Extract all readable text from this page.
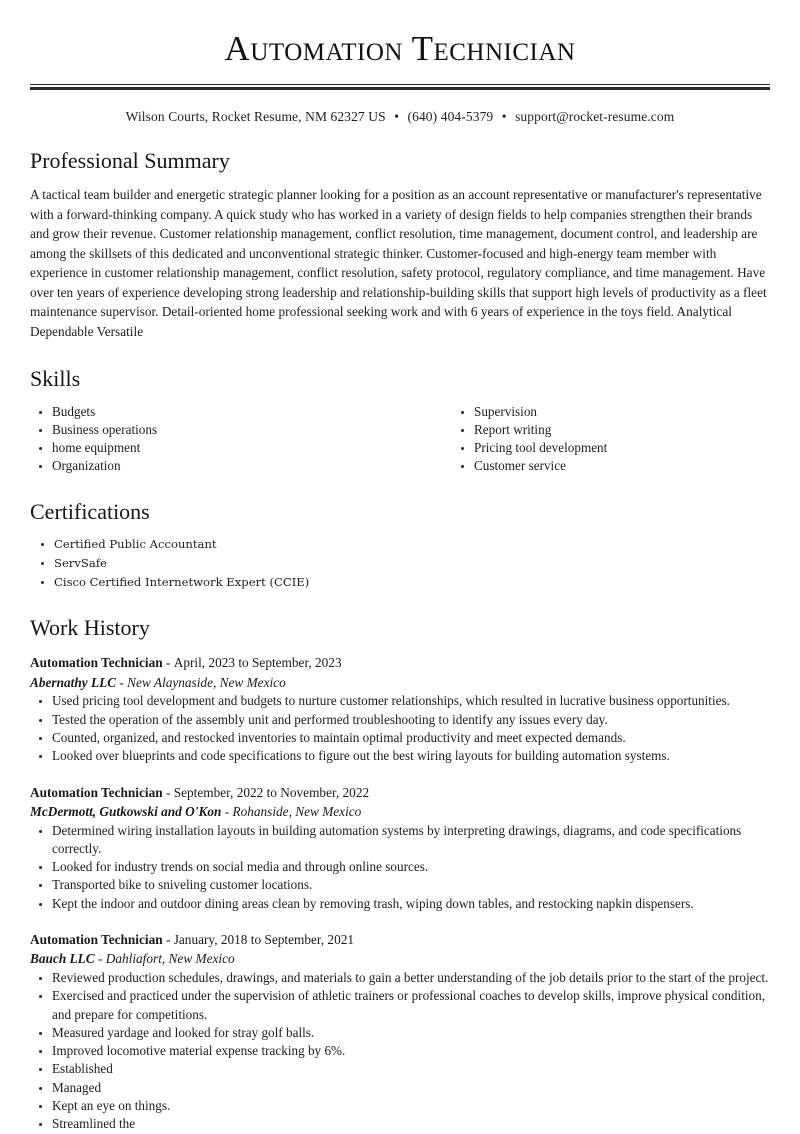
Automation Technician
Wilson Courts, Rocket Resume, NM 62327 US • (640) 404-5379 • support@rocket-resume.com
Professional Summary

A tactical team builder and energetic strategic planner looking for a position as an account representative or manufacturer's representative with a forward-thinking company. A quick study who has worked in a variety of design fields to help companies strengthen their brands and grow their revenue. Customer relationship management, conflict resolution, time management, document control, and leadership are among the skillsets of this dedicated and unconventional strategic thinker. Customer-focused and high-energy team member with experience in customer relationship management, conflict resolution, safety protocol, regulatory compliance, and time management. Have over ten years of experience developing strong leadership and relationship-building skills that support high levels of productivity as a fleet maintenance supervisor. Detail-oriented home professional seeking work and with 6 years of experience in the toys field. Analytical Dependable Versatile

Skills
Budgets
Business operations
home equipment
Organization
Supervision
Report writing
Pricing tool development
Customer service
Certifications
Certified Public Accountant
ServSafe
Cisco Certified Internetwork Expert (CCIE)
Work History
Automation Technician - April, 2023 to September, 2023
Abernathy LLC - New Alaynaside, New Mexico
Used pricing tool development and budgets to nurture customer relationships, which resulted in lucrative business opportunities.
Tested the operation of the assembly unit and performed troubleshooting to identify any issues every day.
Counted, organized, and restocked inventories to maintain optimal productivity and meet expected demands.
Looked over blueprints and code specifications to figure out the best wiring layouts for building automation systems.
Automation Technician - September, 2022 to November, 2022
McDermott, Gutkowski and O'Kon - Rohanside, New Mexico
Determined wiring installation layouts in building automation systems by interpreting drawings, diagrams, and code specifications correctly.
Looked for industry trends on social media and through online sources.
Transported bike to sniveling customer locations.
Kept the indoor and outdoor dining areas clean by removing trash, wiping down tables, and restocking napkin dispensers.
Automation Technician - January, 2018 to September, 2021
Bauch LLC - Dahliafort, New Mexico
Reviewed production schedules, drawings, and materials to gain a better understanding of the job details prior to the start of the project.
Exercised and practiced under the supervision of athletic trainers or professional coaches to develop skills, improve physical condition, and prepare for competitions.
Measured yardage and looked for stray golf balls.
Improved locomotive material expense tracking by 6%.
Established
Managed
Kept an eye on things.
Streamlined the
